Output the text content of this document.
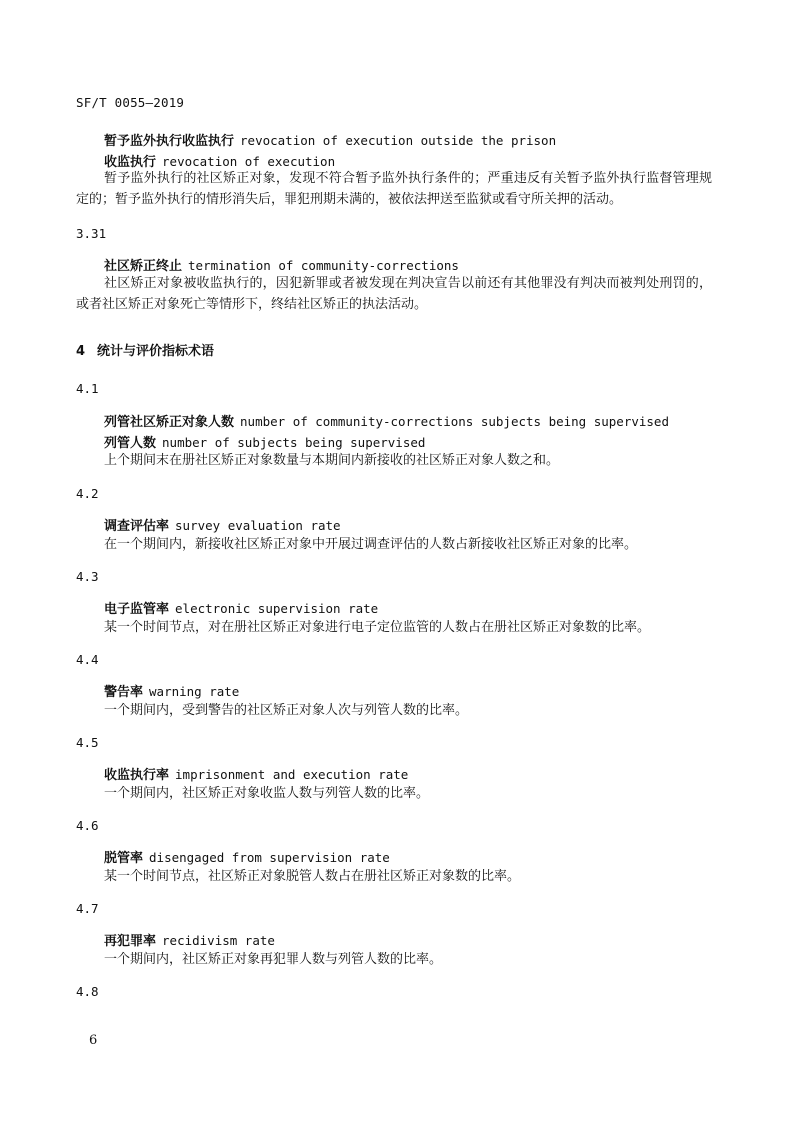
SF/T 0055—2019
暂予监外执行收监执行 revocation of execution outside the prison
收监执行 revocation of execution
暂予监外执行的社区矫正对象，发现不符合暂予监外执行条件的；严重违反有关暂予监外执行监督管理规定的；暂予监外执行的情形消失后，罪犯刑期未满的，被依法押送至监狱或看守所关押的活动。
3.31
社区矫正终止 termination of community-corrections
社区矫正对象被收监执行的，因犯新罪或者被发现在判决宣告以前还有其他罪没有判决而被判处刑罚的，或者社区矫正对象死亡等情形下，终结社区矫正的执法活动。
4 统计与评价指标术语
4.1
列管社区矫正对象人数 number of community-corrections subjects being supervised
列管人数 number of subjects being supervised
上个期间末在册社区矫正对象数量与本期间内新接收的社区矫正对象人数之和。
4.2
调查评估率 survey evaluation rate
在一个期间内，新接收社区矫正对象中开展过调查评估的人数占新接收社区矫正对象的比率。
4.3
电子监管率 electronic supervision rate
某一个时间节点，对在册社区矫正对象进行电子定位监管的人数占在册社区矫正对象数的比率。
4.4
警告率 warning rate
一个期间内，受到警告的社区矫正对象人次与列管人数的比率。
4.5
收监执行率 imprisonment and execution rate
一个期间内，社区矫正对象收监人数与列管人数的比率。
4.6
脱管率 disengaged from supervision rate
某一个时间节点，社区矫正对象脱管人数占在册社区矫正对象数的比率。
4.7
再犯罪率 recidivism rate
一个期间内，社区矫正对象再犯罪人数与列管人数的比率。
4.8
6
